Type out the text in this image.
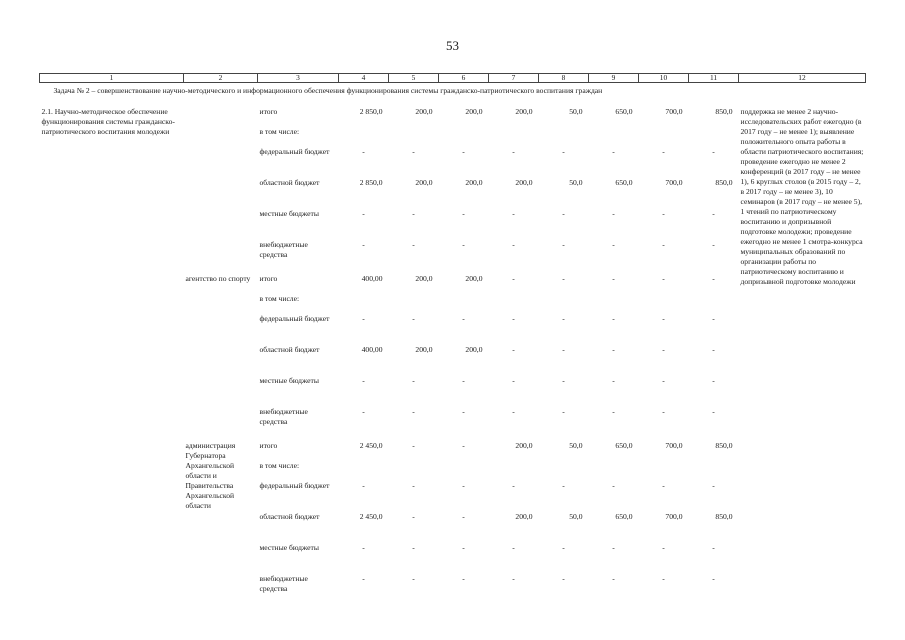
53
1	2	3	4	5	6	7	8	9	10	11	12
Задача № 2 – совершенствование научно-методического и информационного обеспечения функционирования системы гражданско-патриотического воспитания граждан											
2.1. Научно-методическое обеспечение функционирования системы гражданско-патриотического воспитания молодежи		итого	2 850,0	200,0	200,0	200,0	50,0	650,0	700,0	850,0	поддержка не менее 2 научно-исследовательских работ ежегодно (в 2017 году – не менее 1); выявление положительного опыта работы в области патриотического воспитания; проведение ежегодно не менее 2 конференций (в 2017 году – не менее 1), 6 круглых столов (в 2015 году – 2, в 2017 году – не менее 3), 10 семинаров (в 2017 году – не менее 5), 1 чтений по патриотическому воспитанию и допризывной подготовке молодежи; проведение ежегодно не менее 1 смотра-конкурса муниципальных образований по организации работы по патриотическому воспитанию и допризывной подготовке молодежи
		в том числе:									
		федеральный бюджет	-	-	-	-	-	-	-	-	
		областной бюджет	2 850,0	200,0	200,0	200,0	50,0	650,0	700,0	850,0	
		местные бюджеты	-	-	-	-	-	-	-	-	
		внебюджетные средства	-	-	-	-	-	-	-	-	
	агентство по спорту	итого	400,00	200,0	200,0	-	-	-	-	-	
		в том числе:									
		федеральный бюджет	-	-	-	-	-	-	-	-	
		областной бюджет	400,00	200,0	200,0	-	-	-	-	-	
		местные бюджеты	-	-	-	-	-	-	-	-	
		внебюджетные средства	-	-	-	-	-	-	-	-	
	администрация Губернатора Архангельской области и Правительства Архангельской области	итого	2 450,0	-	-	200,0	50,0	650,0	700,0	850,0	
		в том числе:									
		федеральный бюджет	-	-	-	-	-	-	-	-	
		областной бюджет	2 450,0	-	-	200,0	50,0	650,0	700,0	850,0	
		местные бюджеты	-	-	-	-	-	-	-	-	
		внебюджетные средства	-	-	-	-	-	-	-	-	
